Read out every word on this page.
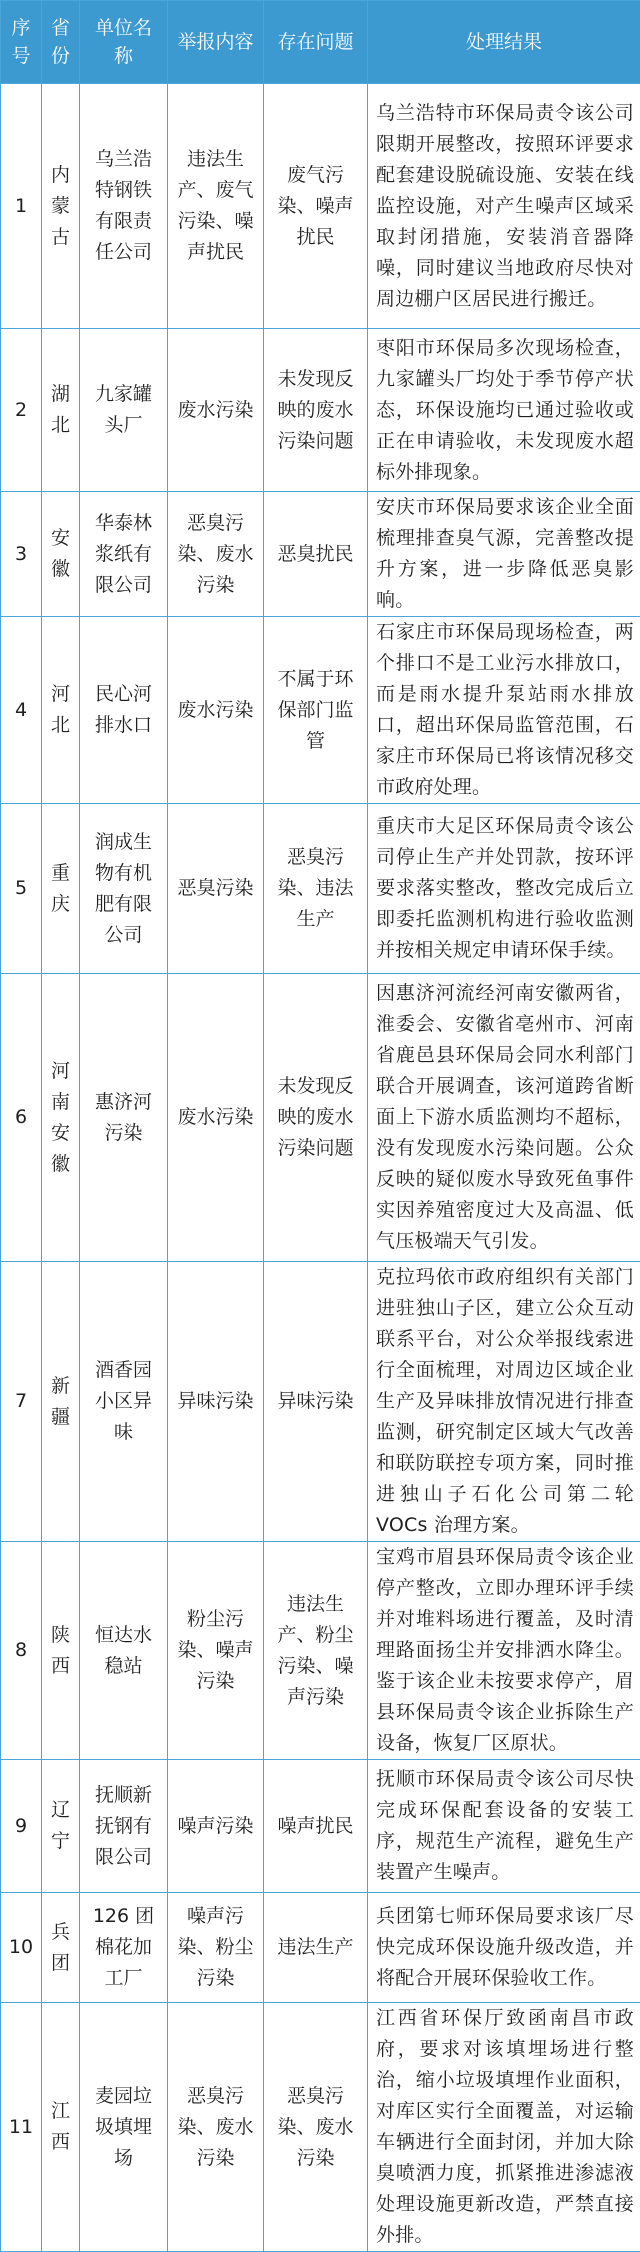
序号	省份	单位名称	举报内容	存在问题	处理结果
1	内蒙古	乌兰浩特钢铁有限责任公司	违法生产、废气污染、噪声扰民	废气污染、噪声扰民	乌兰浩特市环保局责令该公司限期开展整改，按照环评要求配套建设脱硫设施、安装在线监控设施，对产生噪声区域采取封闭措施，安装消音器降噪，同时建议当地政府尽快对周边棚户区居民进行搬迁。
2	湖北	九家罐头厂	废水污染	未发现反映的废水污染问题	枣阳市环保局多次现场检查，九家罐头厂均处于季节停产状态，环保设施均已通过验收或正在申请验收，未发现废水超标外排现象。
3	安徽	华泰林浆纸有限公司	恶臭污染、废水污染	恶臭扰民	安庆市环保局要求该企业全面梳理排查臭气源，完善整改提升方案，进一步降低恶臭影响。
4	河北	民心河排水口	废水污染	不属于环保部门监管	石家庄市环保局现场检查，两个排口不是工业污水排放口，而是雨水提升泵站雨水排放口，超出环保局监管范围，石家庄市环保局已将该情况移交市政府处理。
5	重庆	润成生物有机肥有限公司	恶臭污染	恶臭污染、违法生产	重庆市大足区环保局责令该公司停止生产并处罚款，按环评要求落实整改，整改完成后立即委托监测机构进行验收监测并按相关规定申请环保手续。
6	河南安徽	惠济河污染	废水污染	未发现反映的废水污染问题	因惠济河流经河南安徽两省，淮委会、安徽省亳州市、河南省鹿邑县环保局会同水利部门联合开展调查，该河道跨省断面上下游水质监测均不超标，没有发现废水污染问题。公众反映的疑似废水导致死鱼事件实因养殖密度过大及高温、低气压极端天气引发。
7	新疆	酒香园小区异味	异味污染	异味污染	克拉玛依市政府组织有关部门进驻独山子区，建立公众互动联系平台，对公众举报线索进行全面梳理，对周边区域企业生产及异味排放情况进行排查监测，研究制定区域大气改善和联防联控专项方案，同时推进独山子石化公司第二轮 VOCs 治理方案。
8	陕西	恒达水稳站	粉尘污染、噪声污染	违法生产、粉尘污染、噪声污染	宝鸡市眉县环保局责令该企业停产整改，立即办理环评手续并对堆料场进行覆盖，及时清理路面扬尘并安排洒水降尘。鉴于该企业未按要求停产，眉县环保局责令该企业拆除生产设备，恢复厂区原状。
9	辽宁	抚顺新抚钢有限公司	噪声污染	噪声扰民	抚顺市环保局责令该公司尽快完成环保配套设备的安装工序，规范生产流程，避免生产装置产生噪声。
10	兵团	126 团棉花加工厂	噪声污染、粉尘污染	违法生产	兵团第七师环保局要求该厂尽快完成环保设施升级改造，并将配合开展环保验收工作。
11	江西	麦园垃圾填埋场	恶臭污染、废水污染	恶臭污染、废水污染	江西省环保厅致函南昌市政府，要求对该填埋场进行整治，缩小垃圾填埋作业面积，对库区实行全面覆盖，对运输车辆进行全面封闭，并加大除臭喷洒力度，抓紧推进渗滤液处理设施更新改造，严禁直接外排。
